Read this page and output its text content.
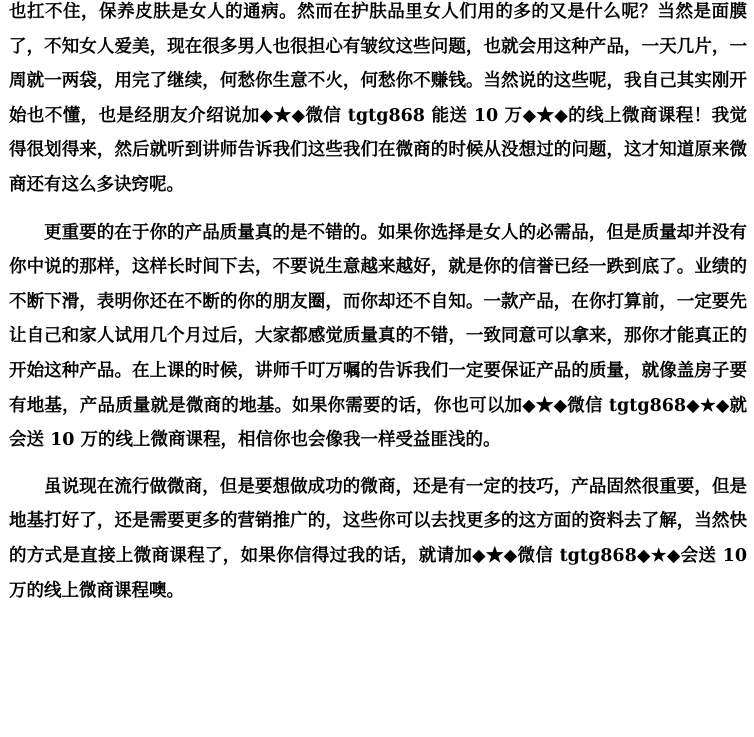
也扛不住，保养皮肤是女人的通病。然而在护肤品里女人们用的多的又是什么呢？当然是面膜了，不知女人爱美，现在很多男人也很担心有皱纹这些问题，也就会用这种产品，一天几片，一周就一两袋，用完了继续，何愁你生意不火，何愁你不赚钱。当然说的这些呢，我自己其实刚开始也不懂，也是经朋友介绍说加◆★◆微信 tgtg868 能送 10 万◆★◆的线上微商课程！我觉得很划得来，然后就听到讲师告诉我们这些我们在微商的时候从没想过的问题，这才知道原来微商还有这么多诀窍呢。

更重要的在于你的产品质量真的是不错的。如果你选择是女人的必需品，但是质量却并没有你中说的那样，这样长时间下去，不要说生意越来越好，就是你的信誉已经一跌到底了。业绩的不断下滑，表明你还在不断的你的朋友圈，而你却还不自知。一款产品，在你打算前，一定要先让自己和家人试用几个月过后，大家都感觉质量真的不错，一致同意可以拿来，那你才能真正的开始这种产品。在上课的时候，讲师千叮万嘱的告诉我们一定要保证产品的质量，就像盖房子要有地基，产品质量就是微商的地基。如果你需要的话，你也可以加◆★◆微信 tgtg868◆★◆就会送 10 万的线上微商课程，相信你也会像我一样受益匪浅的。

虽说现在流行做微商，但是要想做成功的微商，还是有一定的技巧，产品固然很重要，但是地基打好了，还是需要更多的营销推广的，这些你可以去找更多的这方面的资料去了解，当然快的方式是直接上微商课程了，如果你信得过我的话，就请加◆★◆微信 tgtg868◆★◆会送 10 万的线上微商课程噢。
